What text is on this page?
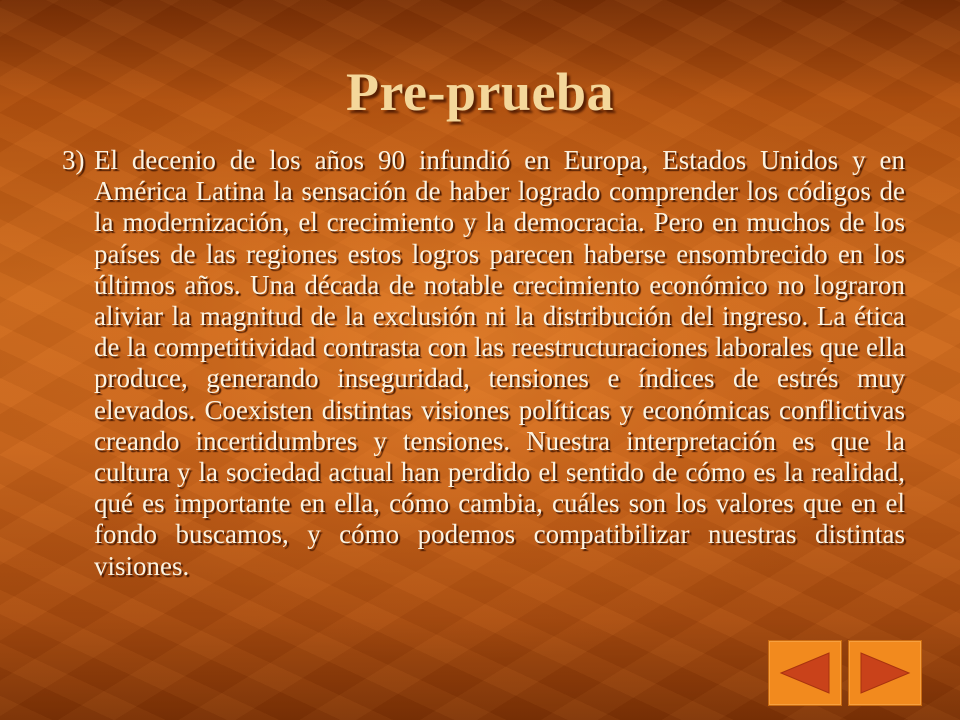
Pre-prueba
3) El decenio de los años 90 infundió en Europa, Estados Unidos y en América Latina la sensación de haber logrado comprender los códigos de la modernización, el crecimiento y la democracia. Pero en muchos de los países de las regiones estos logros parecen haberse ensombrecido en los últimos años. Una década de notable crecimiento económico no lograron aliviar la magnitud de la exclusión ni la distribución del ingreso. La ética de la competitividad contrasta con las reestructuraciones laborales que ella produce, generando inseguridad, tensiones e índices de estrés muy elevados. Coexisten distintas visiones políticas y económicas conflictivas creando incertidumbres y tensiones. Nuestra interpretación es que la cultura y la sociedad actual han perdido el sentido de cómo es la realidad, qué es importante en ella, cómo cambia, cuáles son los valores que en el fondo buscamos, y cómo podemos compatibilizar nuestras distintas visiones.
